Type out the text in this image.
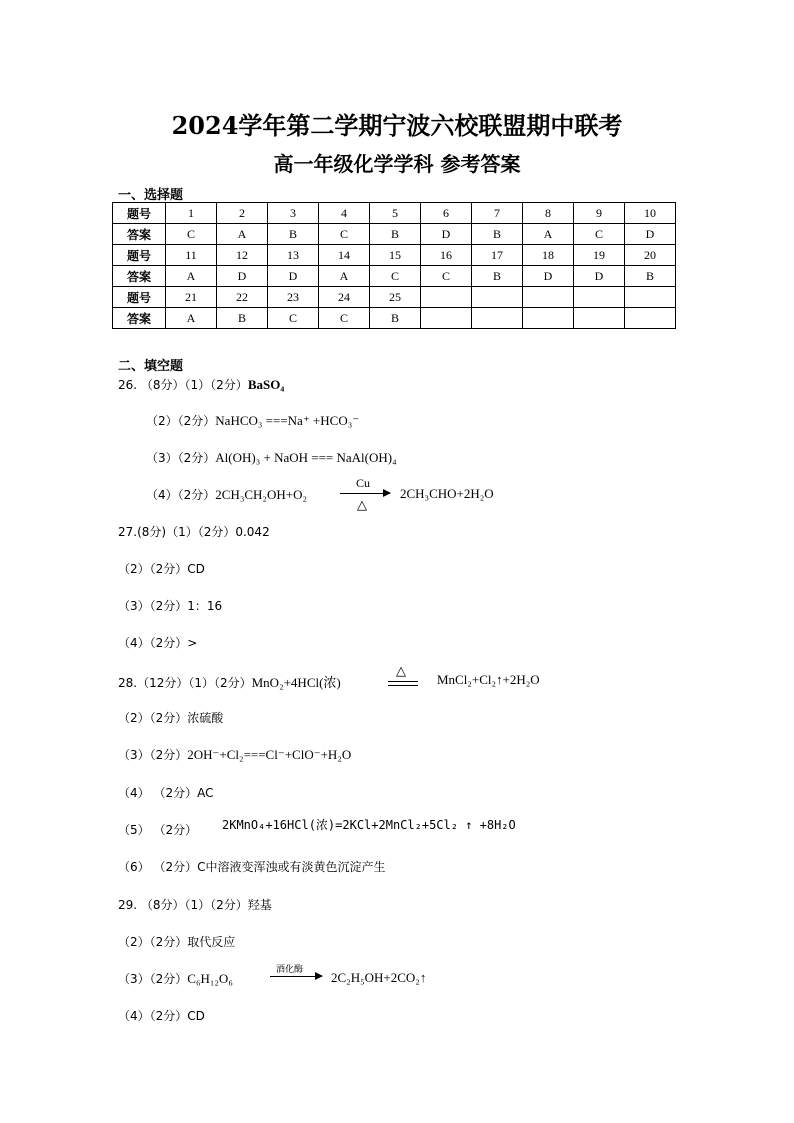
2024学年第二学期宁波六校联盟期中联考
高一年级化学学科 参考答案
一、选择题
题号	1	2	3	4	5	6	7	8	9	10
答案	C	A	B	C	B	D	B	A	C	D
题号	11	12	13	14	15	16	17	18	19	20
答案	A	D	D	A	C	C	B	D	D	B
题号	21	22	23	24	25					
答案	A	B	C	C	B					
二、填空题
26. （8分）（1）（2分）BaSO₄
（2）（2分）NaHCO₃ ===Na⁺ +HCO₃⁻
（3）（2分）Al(OH)₃ + NaOH === NaAl(OH)₄
（4）（2分）2CH₃CH₂OH+O₂
Cu
△
2CH₃CHO+2H₂O
27.(8分)（1）（2分）0.042
（2）（2分）CD
（3）（2分）1：16
（4）（2分）>
28.（12分）（1）（2分）MnO₂+4HCl(浓)
△
MnCl₂+Cl₂↑+2H₂O
（2）（2分）浓硫酸
（3）（2分）2OH⁻+Cl₂===Cl⁻+ClO⁻+H₂O
（4） （2分）AC
（5） （2分） 2KMnO₄+16HCl(浓)=2KCl+2MnCl₂+5Cl₂ ↑ +8H₂O
（6） （2分）C中溶液变浑浊或有淡黄色沉淀产生
29. （8分）（1）（2分）羟基
（2）（2分）取代反应
（3）（2分）C₆H₁₂O₆
酒化酶 2C₂H₅OH+2CO₂↑
（4）（2分）CD
